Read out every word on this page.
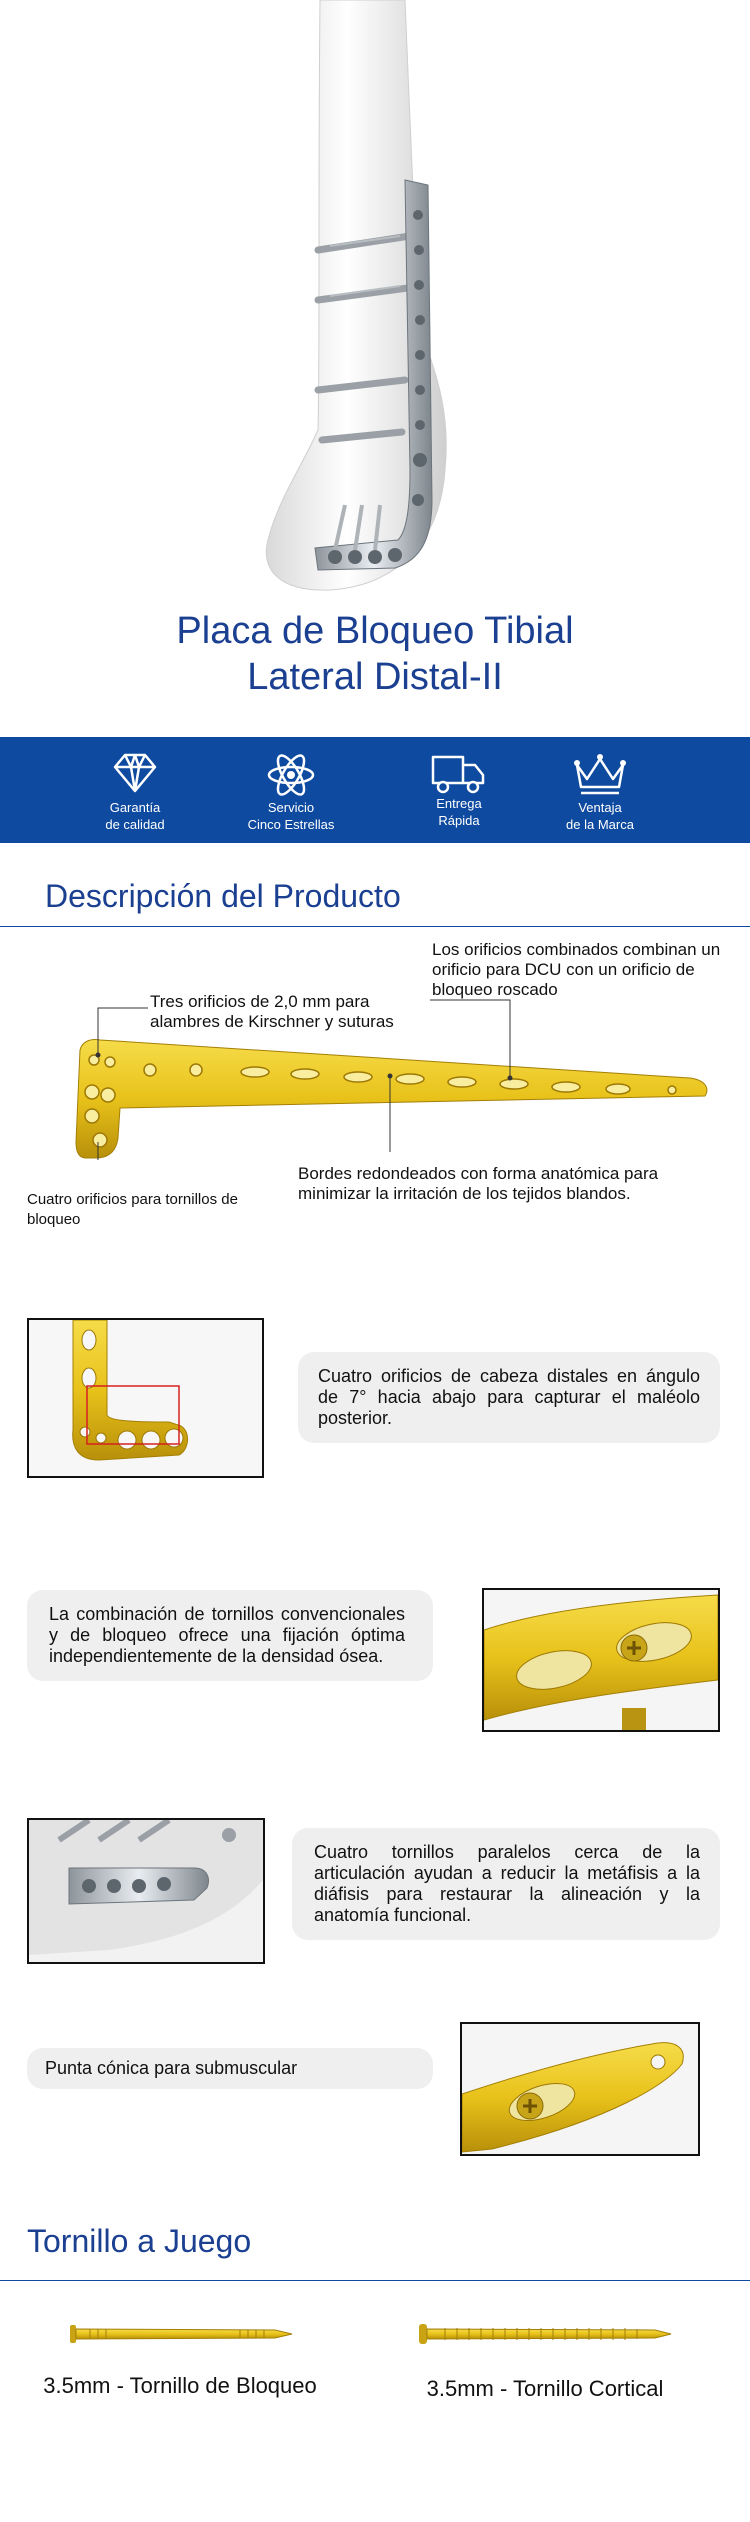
Placa de Bloqueo Tibial
Lateral Distal-II
Garantía
de calidad
Servicio
Cinco Estrellas
Entrega
Rápida
Ventaja
de la Marca
Descripción del Producto
Los orificios combinados combinan un orificio para DCU con un orificio de bloqueo roscado
Tres orificios de 2,0 mm para alambres de Kirschner y suturas
Bordes redondeados con forma anatómica para minimizar la irritación de los tejidos blandos.
Cuatro orificios para tornillos de bloqueo
Cuatro orificios de cabeza distales en ángulo de 7° hacia abajo para capturar el maléolo posterior.
La combinación de tornillos convencionales y de bloqueo ofrece una fijación óptima independientemente de la densidad ósea.
Cuatro tornillos paralelos cerca de la articulación ayudan a reducir la metáfisis a la diáfisis para restaurar la alineación y la anatomía funcional.
Punta cónica para submuscular
Tornillo a Juego
3.5mm - Tornillo de Bloqueo	3.5mm - Tornillo Cortical
